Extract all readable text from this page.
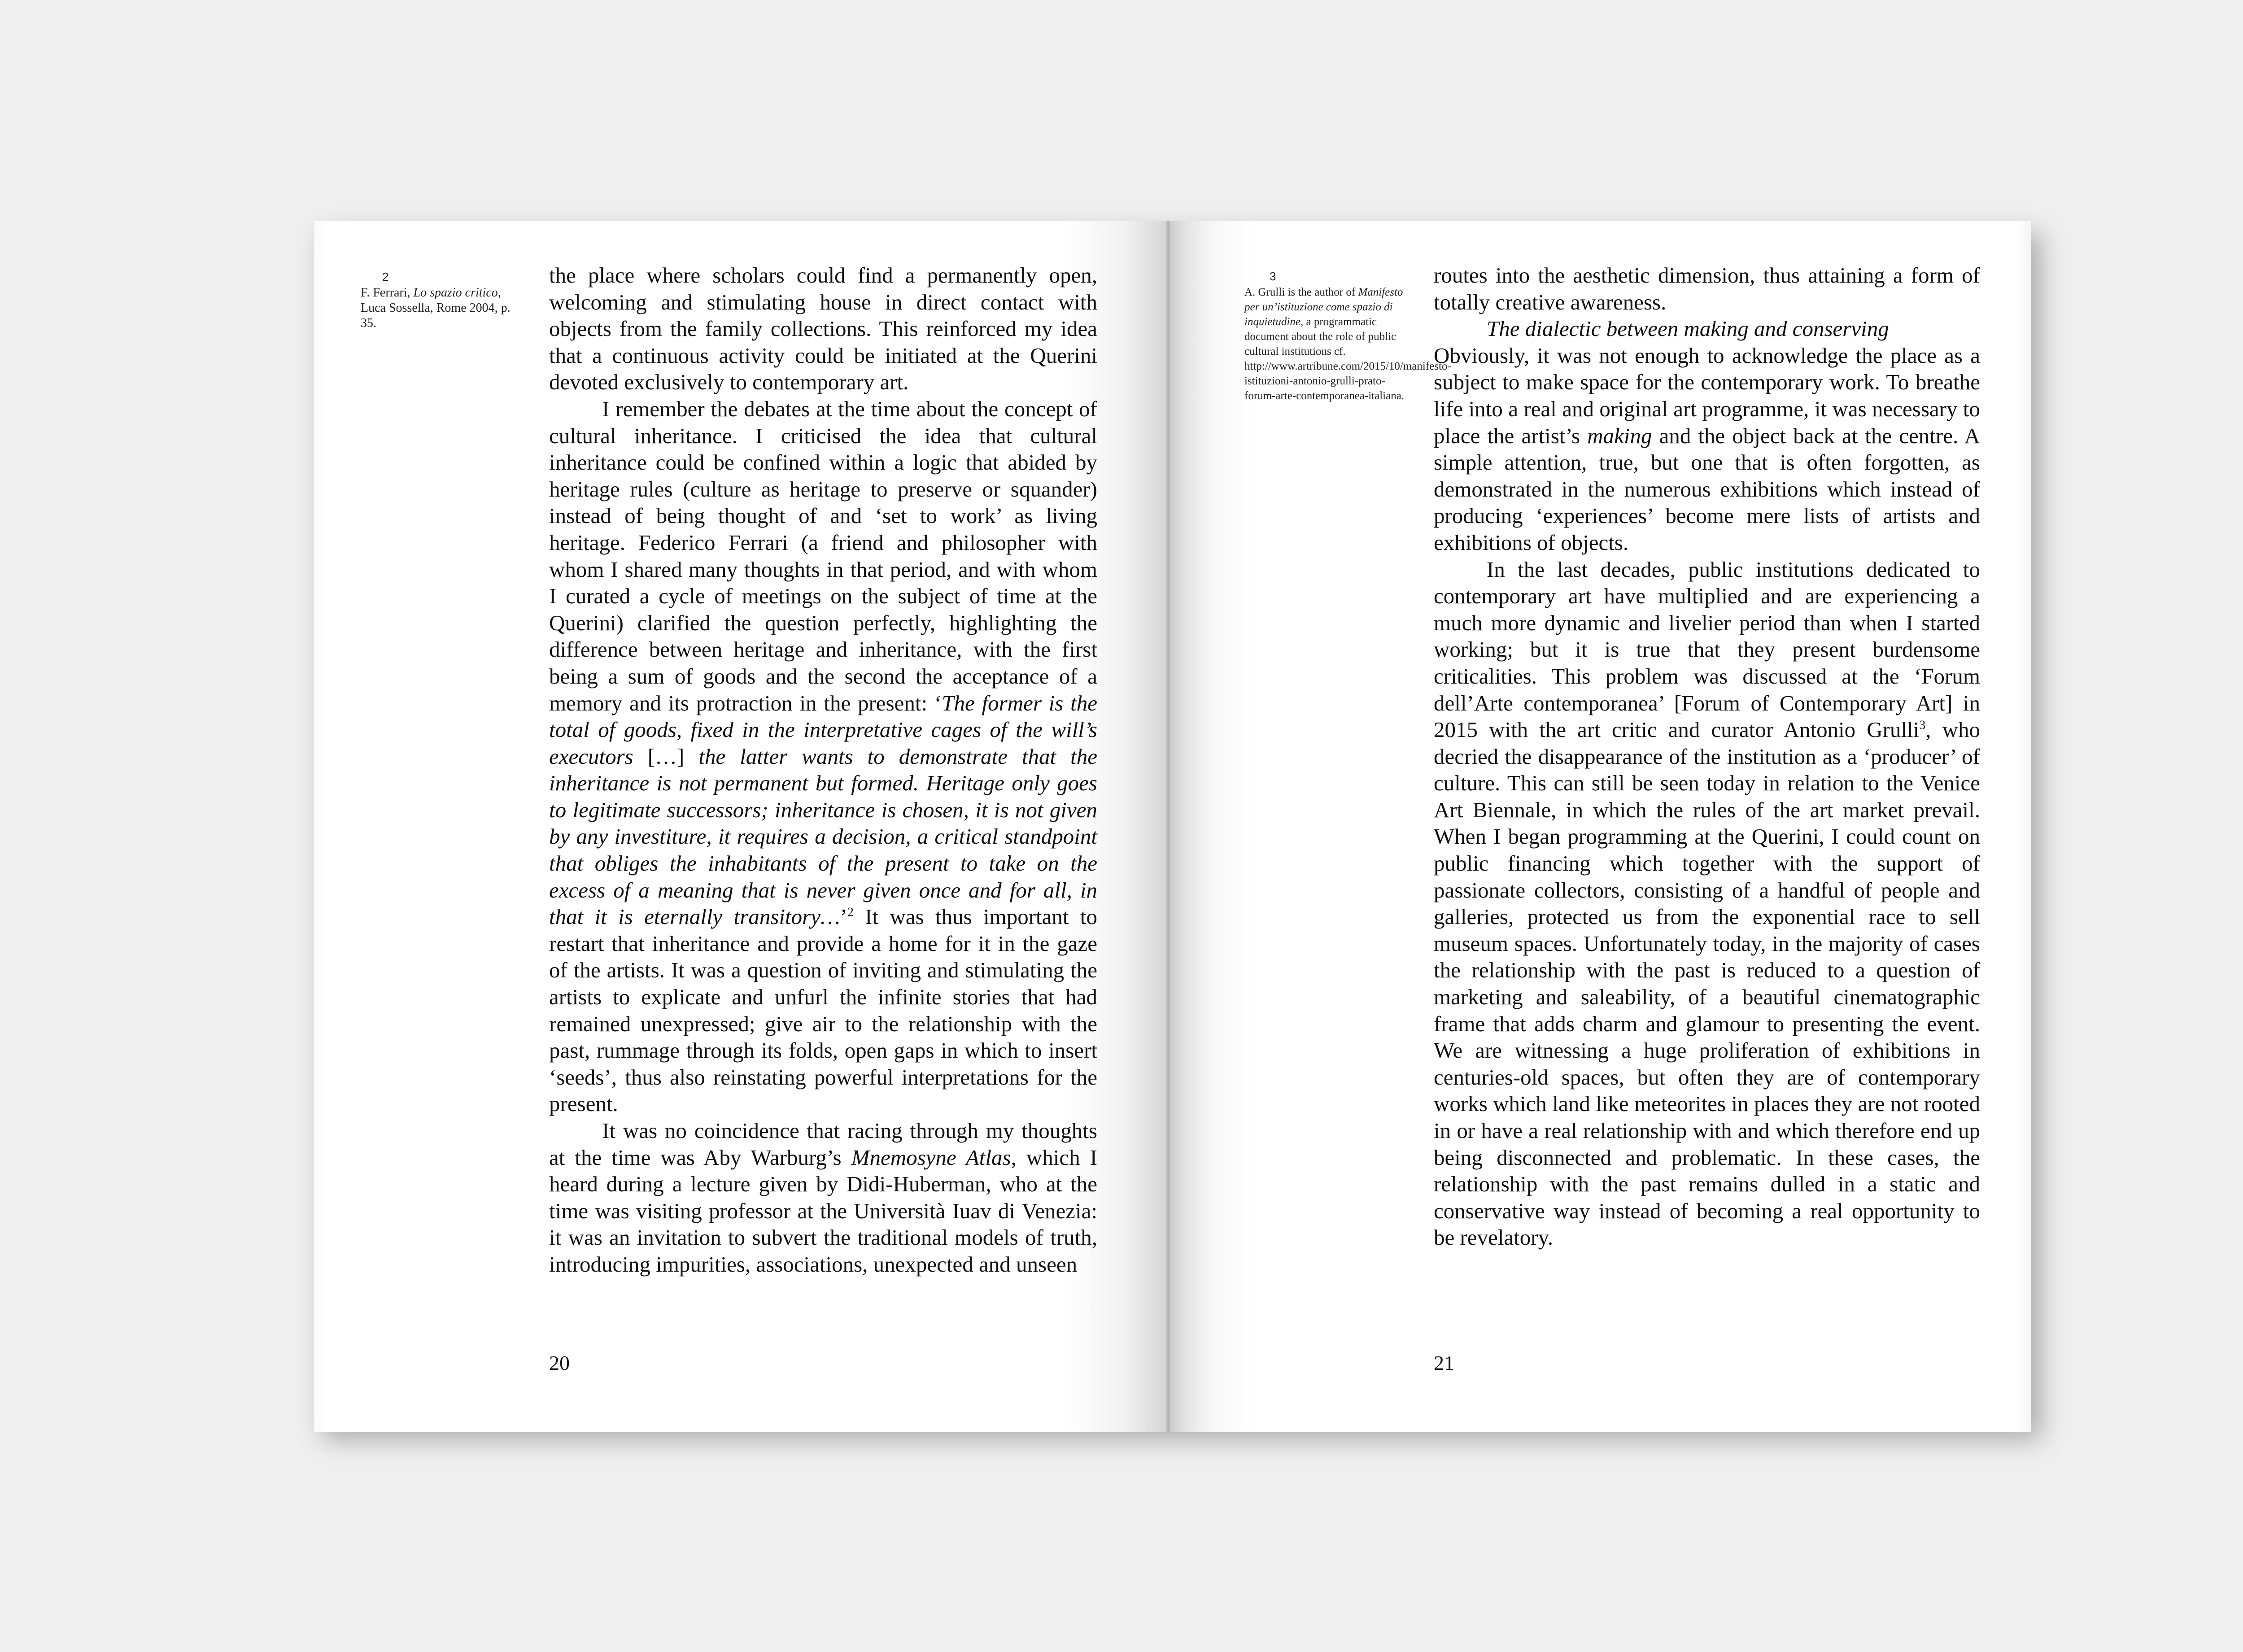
2
F. Ferrari, Lo spazio critico, Luca Sossella, Rome 2004, p. 35.

the place where scholars could find a permanently open, welcoming and stimulating house in direct contact with objects from the family collections. This reinforced my idea that a continuous activity could be initiated at the Querini devoted exclusively to contemporary art.

I remember the debates at the time about the concept of cultural inheritance. I criticised the idea that cultural inheritance could be confined within a logic that abided by heritage rules (culture as heritage to preserve or squander) instead of being thought of and ‘set to work’ as living heritage. Federico Ferrari (a friend and philosopher with whom I shared many thoughts in that period, and with whom I curated a cycle of meetings on the subject of time at the Querini) clarified the question perfectly, highlighting the difference between heritage and inheritance, with the first being a sum of goods and the second the acceptance of a memory and its protraction in the present: ‘The former is the total of goods, fixed in the interpretative cages of the will’s executors […] the latter wants to demonstrate that the inheritance is not permanent but formed. Heritage only goes to legitimate successors; inheritance is chosen, it is not given by any investiture, it requires a decision, a critical standpoint that obliges the inhabitants of the present to take on the excess of a meaning that is never given once and for all, in that it is eternally transitory…’$^2$ It was thus important to restart that inheritance and provide a home for it in the gaze of the artists. It was a question of inviting and stimulating the artists to explicate and unfurl the infinite stories that had remained unexpressed; give air to the relationship with the past, rummage through its folds, open gaps in which to insert ‘seeds’, thus also reinstating powerful interpretations for the present.

It was no coincidence that racing through my thoughts at the time was Aby Warburg’s Mnemosyne Atlas, which I heard during a lecture given by Didi-Huberman, who at the time was visiting professor at the Università Iuav di Venezia: it was an invitation to subvert the traditional models of truth, introducing impurities, associations, unexpected and unseen

20
3
A. Grulli is the author of Manifesto per un’istituzione come spazio di inquietudine, a programmatic document about the role of public cultural institutions cf. http://www.artribune.com/2015/10/manifesto-istituzioni-antonio-grulli-prato-forum-arte-contemporanea-italiana.

routes into the aesthetic dimension, thus attaining a form of totally creative awareness.

The dialectic between making and conserving

Obviously, it was not enough to acknowledge the place as a subject to make space for the contemporary work. To breathe life into a real and original art programme, it was necessary to place the artist’s making and the object back at the centre. A simple attention, true, but one that is often forgotten, as demonstrated in the numerous exhibitions which instead of producing ‘experiences’ become mere lists of artists and exhibitions of objects.

In the last decades, public institutions dedicated to contemporary art have multiplied and are experiencing a much more dynamic and livelier period than when I started working; but it is true that they present burdensome criticalities. This problem was discussed at the ‘Forum dell’Arte contemporanea’ [Forum of Contemporary Art] in 2015 with the art critic and curator Antonio Grulli$^3$, who decried the disappearance of the institution as a ‘producer’ of culture. This can still be seen today in relation to the Venice Art Biennale, in which the rules of the art market prevail. When I began programming at the Querini, I could count on public financing which together with the support of passionate collectors, consisting of a handful of people and galleries, protected us from the exponential race to sell museum spaces. Unfortunately today, in the majority of cases the relationship with the past is reduced to a question of marketing and saleability, of a beautiful cinematographic frame that adds charm and glamour to presenting the event. We are witnessing a huge proliferation of exhibitions in centuries-old spaces, but often they are of contemporary works which land like meteorites in places they are not rooted in or have a real relationship with and which therefore end up being disconnected and problematic. In these cases, the relationship with the past remains dulled in a static and conservative way instead of becoming a real opportunity to be revelatory.

21
